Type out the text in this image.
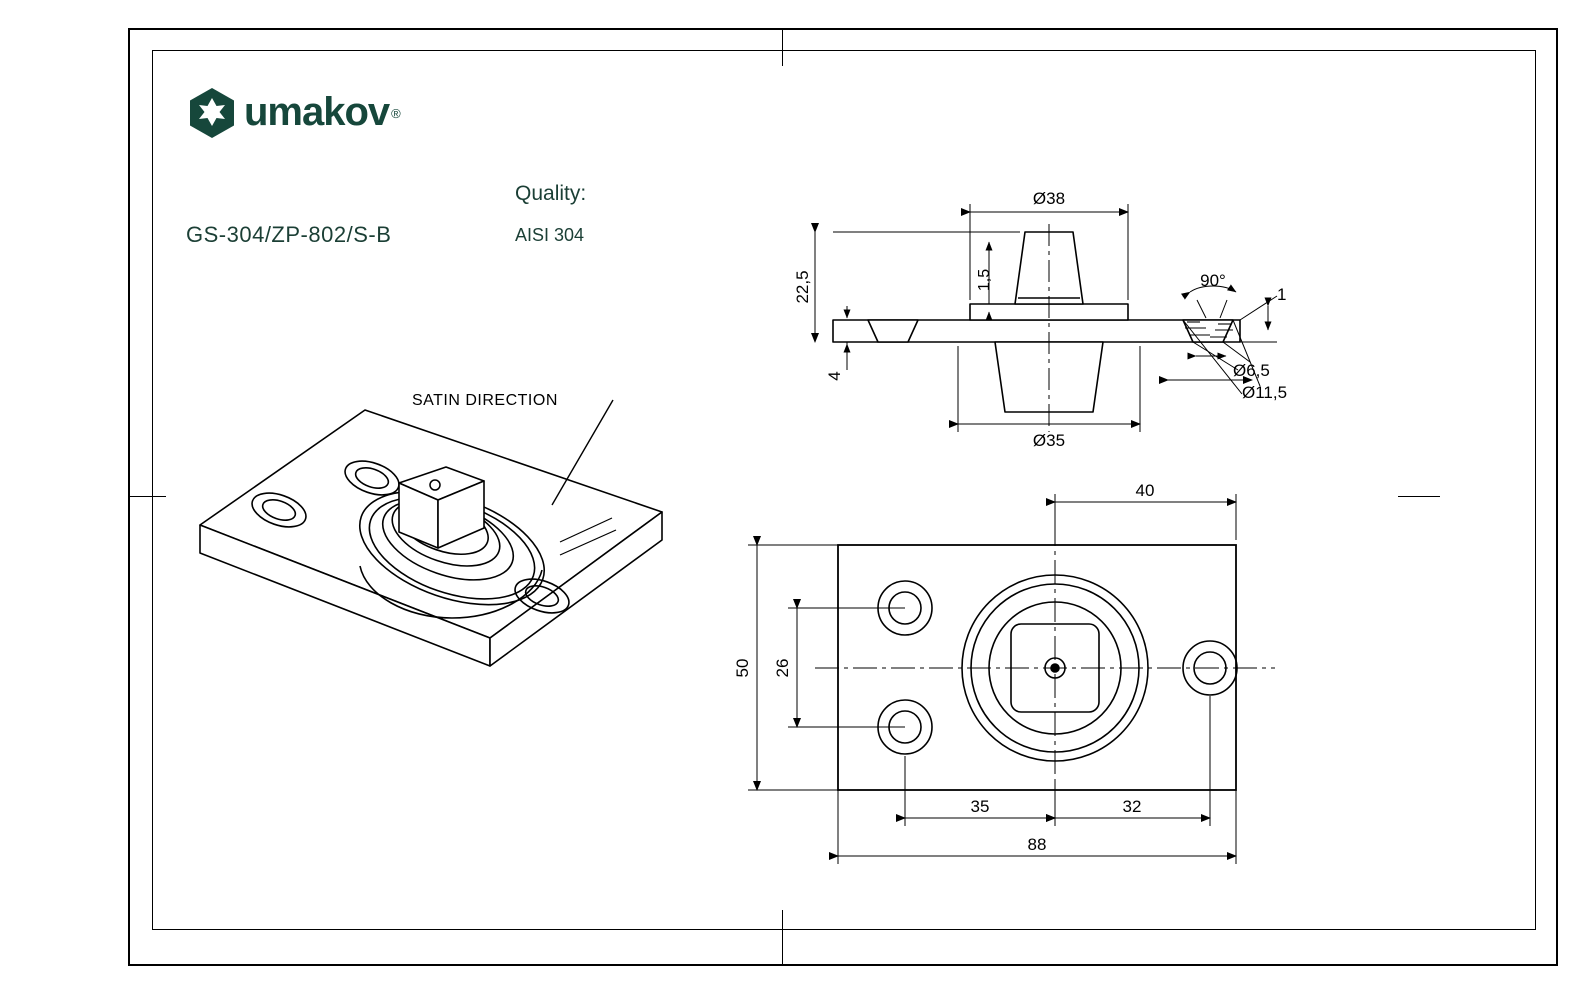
umakov ®
GS-304/ZP-802/S-B
Quality:
AISI 304
SATIN DIRECTION
Ø38
1,5
22,5
4
90°
1
Ø6,5
Ø11,5
Ø35
40
50 26
35	32
88
